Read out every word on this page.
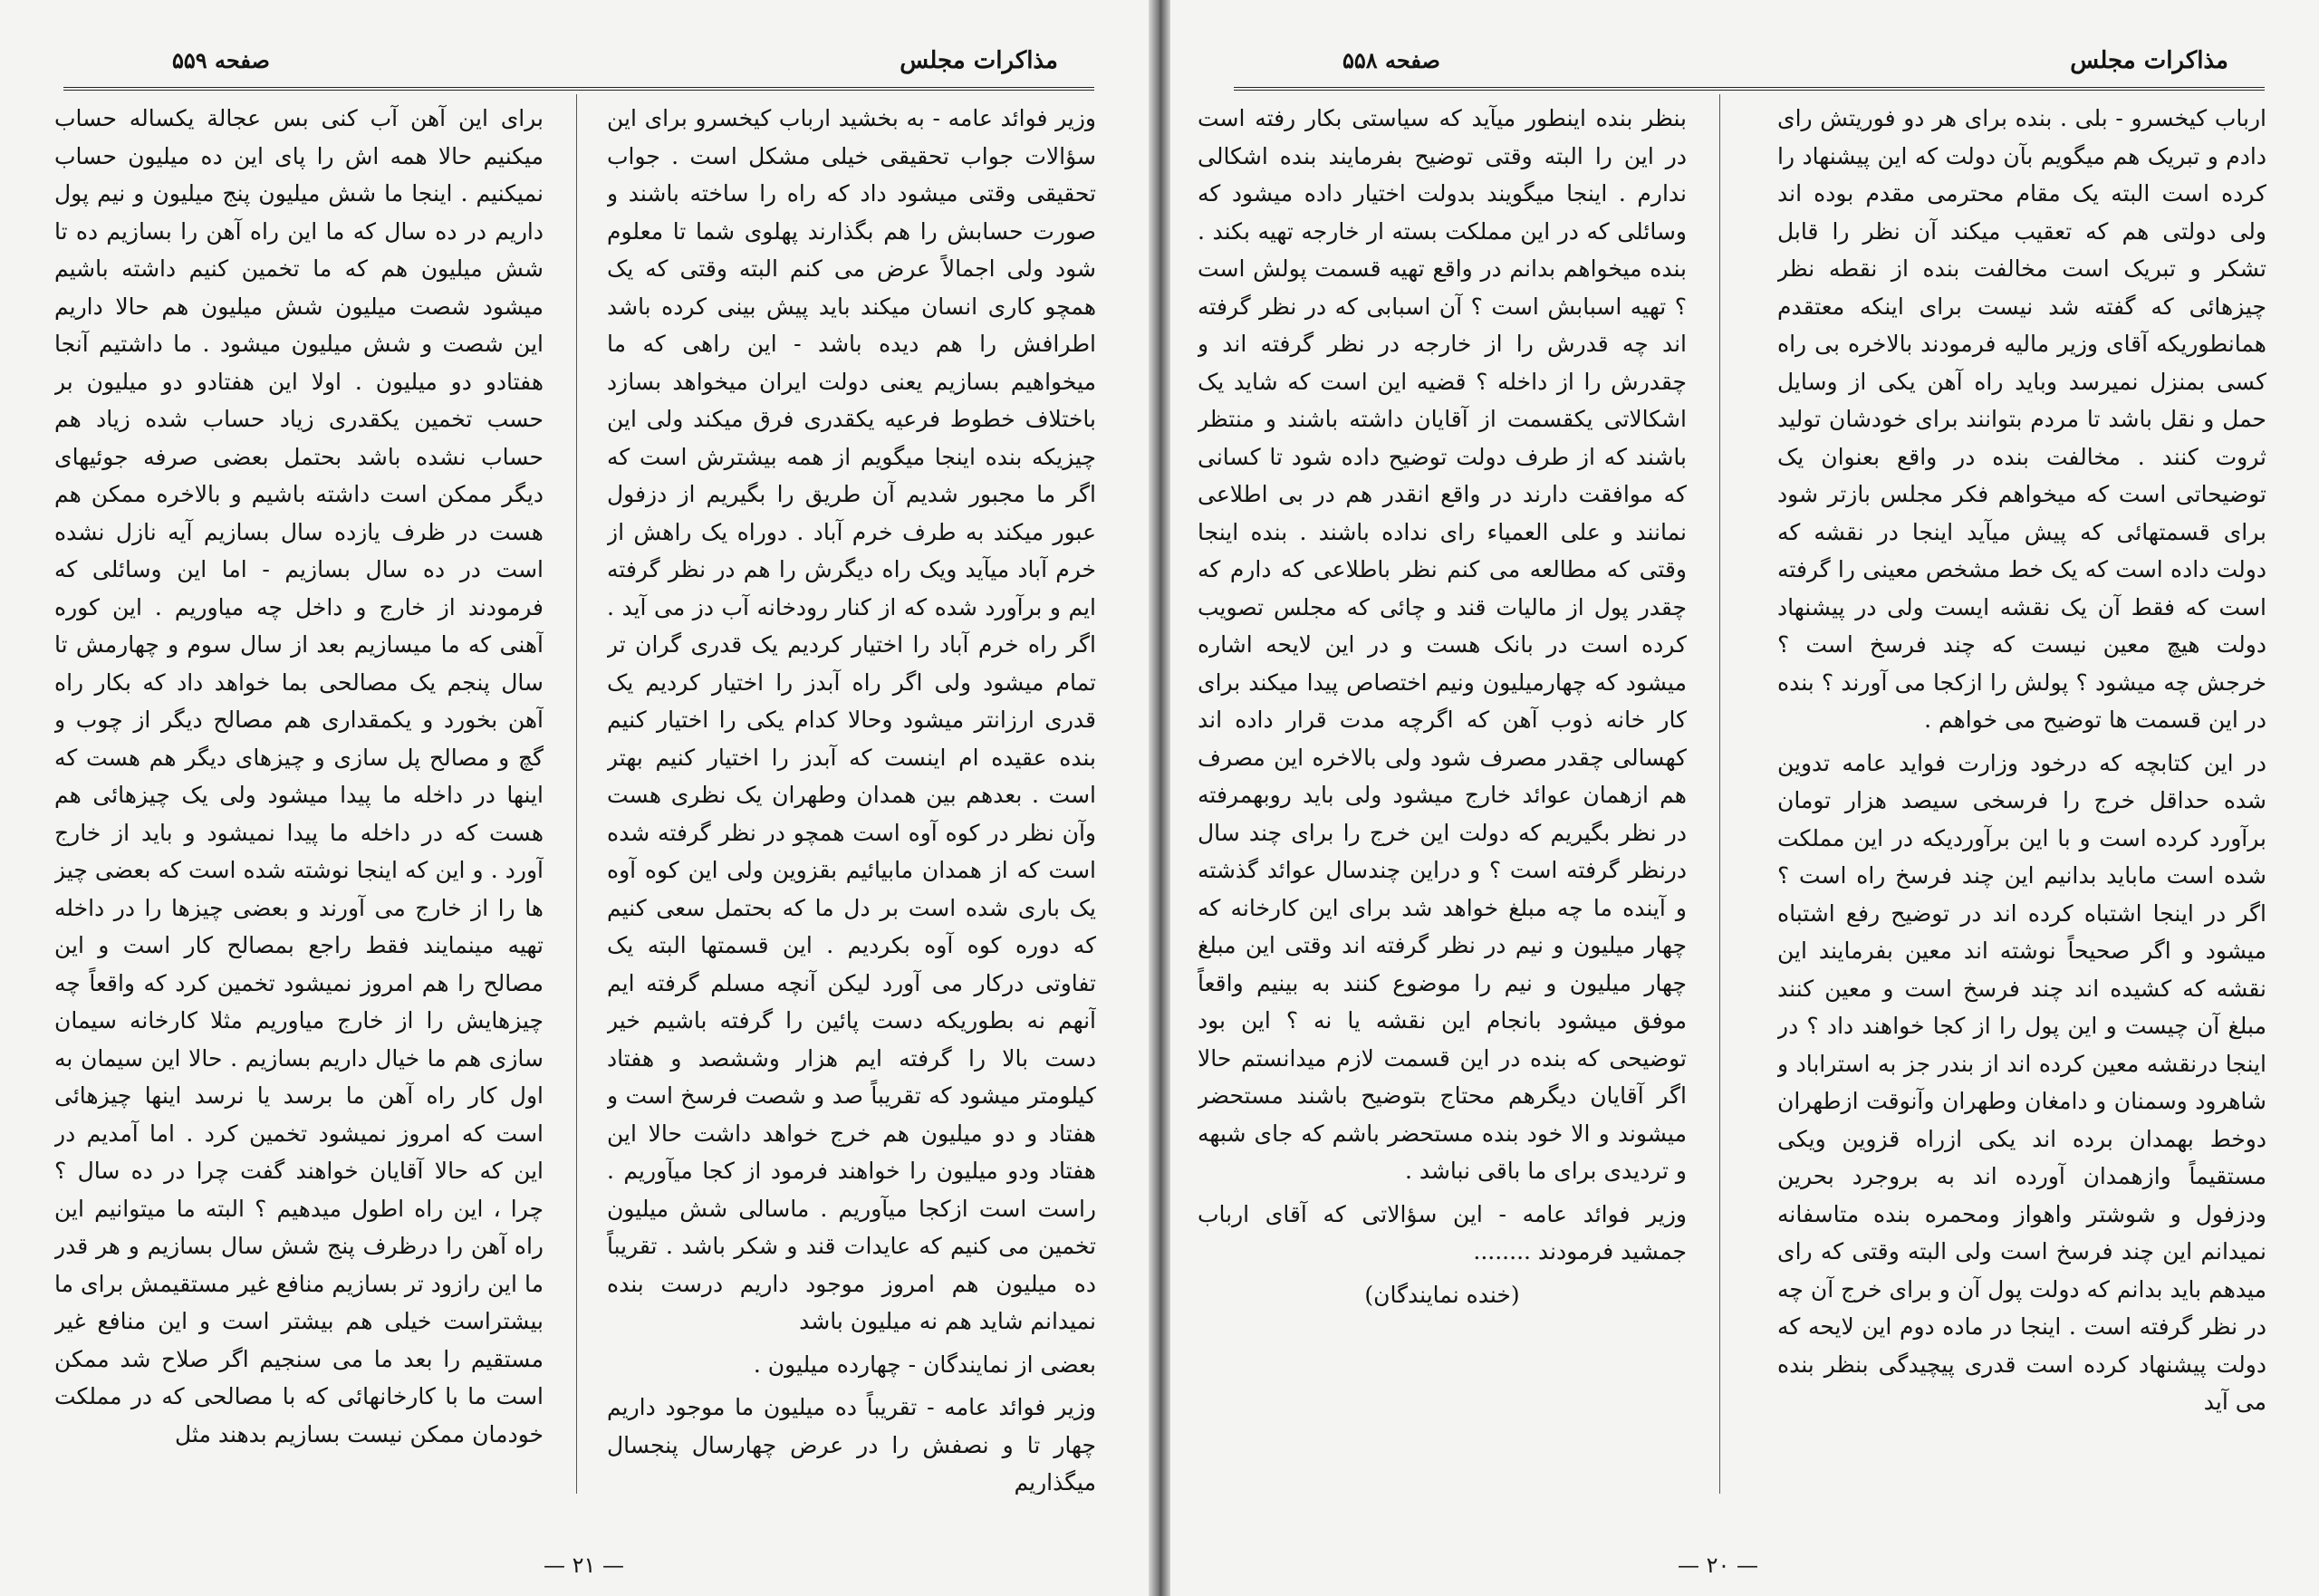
مذاکرات مجلس
صفحه ۵۵۹

وزیر فوائد عامه - به بخشید ارباب کیخسرو برای این سؤالات جواب تحقیقی خیلی مشکل است . جواب تحقیقی وقتی میشود داد که راه را ساخته باشند و صورت حسابش را هم بگذارند پهلوی شما تا معلوم شود ولی اجمالاً عرض می کنم البته وقتی که یک همچو کاری انسان میکند باید پیش بینی کرده باشد اطرافش را هم دیده باشد - این راهی که ما میخواهیم بسازیم یعنی دولت ایران میخواهد بسازد باختلاف خطوط فرعیه یکقدری فرق میکند ولی این چیزیکه بنده اینجا میگویم از همه بیشترش است که اگر ما مجبور شدیم آن طریق را بگیریم از دزفول عبور میکند به طرف خرم آباد . دوراه یک راهش از خرم آباد میآید ویک راه دیگرش را هم در نظر گرفته ایم و برآورد شده که از کنار رودخانه آب دز می آید . اگر راه خرم آباد را اختیار کردیم یک قدری گران تر تمام میشود ولی اگر راه آبدز را اختیار کردیم یک قدری ارزانتر میشود وحالا کدام یکی را اختیار کنیم بنده عقیده ام اینست که آبدز را اختیار کنیم بهتر است . بعدهم بین همدان وطهران یک نظری هست وآن نظر در کوه آوه است همچو در نظر گرفته شده است که از همدان مابیائیم بقزوین ولی این کوه آوه یک باری شده است بر دل ما که بحتمل سعی کنیم که دوره کوه آوه بکردیم . این قسمتها البته یک تفاوتی درکار می آورد لیکن آنچه مسلم گرفته ایم آنهم نه بطوریکه دست پائین را گرفته باشیم خیر دست بالا را گرفته ایم هزار وششصد و هفتاد کیلومتر میشود که تقریباً صد و شصت فرسخ است و هفتاد و دو میلیون هم خرج خواهد داشت حالا این هفتاد ودو میلیون را خواهند فرمود از کجا میآوریم . راست است ازکجا میآوریم . ماسالی شش میلیون تخمین می کنیم که عایدات قند و شکر باشد . تقریباً ده میلیون هم امروز موجود داریم درست بنده نمیدانم شاید هم نه میلیون باشد

بعضی از نمایندگان - چهارده میلیون .

وزیر فوائد عامه - تقریباً ده میلیون ما موجود داریم چهار تا و نصفش را در عرض چهارسال پنجسال میگذاریم

برای این آهن آب کنی بس عجالة یکساله حساب میکنیم حالا همه اش را پای این ده میلیون حساب نمیکنیم . اینجا ما شش میلیون پنج میلیون و نیم پول داریم در ده سال که ما این راه آهن را بسازیم ده تا شش میلیون هم که ما تخمین کنیم داشته باشیم میشود شصت میلیون شش میلیون هم حالا داریم این شصت و شش میلیون میشود . ما داشتیم آنجا هفتادو دو میلیون . اولا این هفتادو دو میلیون بر حسب تخمین یکقدری زیاد حساب شده زیاد هم حساب نشده باشد بحتمل بعضی صرفه جوئیهای دیگر ممکن است داشته باشیم و بالاخره ممکن هم هست در ظرف یازده سال بسازیم آیه نازل نشده است در ده سال بسازیم - اما این وسائلی که فرمودند از خارج و داخل چه میاوریم . این کوره آهنی که ما میسازیم بعد از سال سوم و چهارمش تا سال پنجم یک مصالحی بما خواهد داد که بکار راه آهن بخورد و یکمقداری هم مصالح دیگر از چوب و گچ و مصالح پل سازی و چیزهای دیگر هم هست که اینها در داخله ما پیدا میشود ولی یک چیزهائی هم هست که در داخله ما پیدا نمیشود و باید از خارج آورد . و این که اینجا نوشته شده است که بعضی چیز ها را از خارج می آورند و بعضی چیزها را در داخله تهیه مینمایند فقط راجع بمصالح کار است و این مصالح را هم امروز نمیشود تخمین کرد که واقعاً چه چیزهایش را از خارج میاوریم مثلا کارخانه سیمان سازی هم ما خیال داریم بسازیم . حالا این سیمان به اول کار راه آهن ما برسد یا نرسد اینها چیزهائی است که امروز نمیشود تخمین کرد . اما آمدیم در این که حالا آقایان خواهند گفت چرا در ده سال ؟ چرا ، این راه اطول میدهیم ؟ البته ما میتوانیم این راه آهن را درظرف پنج شش سال بسازیم و هر قدر ما این رازود تر بسازیم منافع غیر مستقیمش برای ما بیشتراست خیلی هم بیشتر است و این منافع غیر مستقیم را بعد ما می سنجیم اگر صلاح شد ممکن است ما با کارخانهائی که با مصالحی که در مملکت خودمان ممکن نیست بسازیم بدهند مثل

— ٢١ —
مذاکرات مجلس
صفحه ۵۵۸

ارباب کیخسرو - بلی . بنده برای هر دو فوریتش رای دادم و تبریک هم میگویم بآن دولت که این پیشنهاد را کرده است البته یک مقام محترمی مقدم بوده اند ولی دولتی هم که تعقیب میکند آن نظر را قابل تشکر و تبریک است مخالفت بنده از نقطه نظر چیزهائی که گفته شد نیست برای اینکه معتقدم همانطوریکه آقای وزیر مالیه فرمودند بالاخره بی راه کسی بمنزل نمیرسد وباید راه آهن یکی از وسایل حمل و نقل باشد تا مردم بتوانند برای خودشان تولید ثروت کنند . مخالفت بنده در واقع بعنوان یک توضیحاتی است که میخواهم فکر مجلس بازتر شود برای قسمتهائی که پیش میآید اینجا در نقشه که دولت داده است که یک خط مشخص معینی را گرفته است که فقط آن یک نقشه ایست ولی در پیشنهاد دولت هیچ معین نیست که چند فرسخ است ؟ خرجش چه میشود ؟ پولش را ازکجا می آورند ؟ بنده در این قسمت ها توضیح می خواهم .

در این کتابچه که درخود وزارت فواید عامه تدوین شده حداقل خرج را فرسخی سیصد هزار تومان برآورد کرده است و با این برآوردیکه در این مملکت شده است ماباید بدانیم این چند فرسخ راه است ؟ اگر در اینجا اشتباه کرده اند در توضیح رفع اشتباه میشود و اگر صحیحاً نوشته اند معین بفرمایند این نقشه که کشیده اند چند فرسخ است و معین کنند مبلغ آن چیست و این پول را از کجا خواهند داد ؟ در اینجا درنقشه معین کرده اند از بندر جز به استراباد و شاهرود وسمنان و دامغان وطهران وآنوقت ازطهران دوخط بهمدان برده اند یکی ازراه قزوین ویکی مستقیماً وازهمدان آورده اند به بروجرد بحرین ودزفول و شوشتر واهواز ومحمره بنده متاسفانه نمیدانم این چند فرسخ است ولی البته وقتی که رای میدهم باید بدانم که دولت پول آن و برای خرج آن چه در نظر گرفته است . اینجا در ماده دوم این لایحه که دولت پیشنهاد کرده است قدری پیچیدگی بنظر بنده می آید

بنظر بنده اینطور میآید که سیاستی بکار رفته است در این را البته وقتی توضیح بفرمایند بنده اشکالی ندارم . اینجا میگویند بدولت اختیار داده میشود که وسائلی که در این مملکت بسته ار خارجه تهیه بکند . بنده میخواهم بدانم در واقع تهیه قسمت پولش است ؟ تهیه اسبابش است ؟ آن اسبابی که در نظر گرفته اند چه قدرش را از خارجه در نظر گرفته اند و چقدرش را از داخله ؟ قضیه این است که شاید یک اشکالاتی یکقسمت از آقایان داشته باشند و منتظر باشند که از طرف دولت توضیح داده شود تا کسانی که موافقت دارند در واقع انقدر هم در بی اطلاعی نمانند و علی العمیاء رای نداده باشند . بنده اینجا وقتی که مطالعه می کنم نظر باطلاعی که دارم که چقدر پول از مالیات قند و چائی که مجلس تصویب کرده است در بانک هست و در این لایحه اشاره میشود که چهارمیلیون ونیم اختصاص پیدا میکند برای کار خانه ذوب آهن که اگرچه مدت قرار داده اند کهسالی چقدر مصرف شود ولی بالاخره این مصرف هم ازهمان عوائد خارج میشود ولی باید روبهمرفته در نظر بگیریم که دولت این خرج را برای چند سال درنظر گرفته است ؟ و دراین چندسال عوائد گذشته و آینده ما چه مبلغ خواهد شد برای این کارخانه که چهار میلیون و نیم در نظر گرفته اند وقتی این مبلغ چهار میلیون و نیم را موضوع کنند به بینیم واقعاً موفق میشود بانجام این نقشه یا نه ؟ این بود توضیحی که بنده در این قسمت لازم میدانستم حالا اگر آقایان دیگرهم محتاج بتوضیح باشند مستحضر میشوند و الا خود بنده مستحضر باشم که جای شبهه و تردیدی برای ما باقی نباشد .

وزیر فوائد عامه - این سؤالاتی که آقای ارباب جمشید فرمودند ........

(خنده نمایندگان)

— ٢٠ —
